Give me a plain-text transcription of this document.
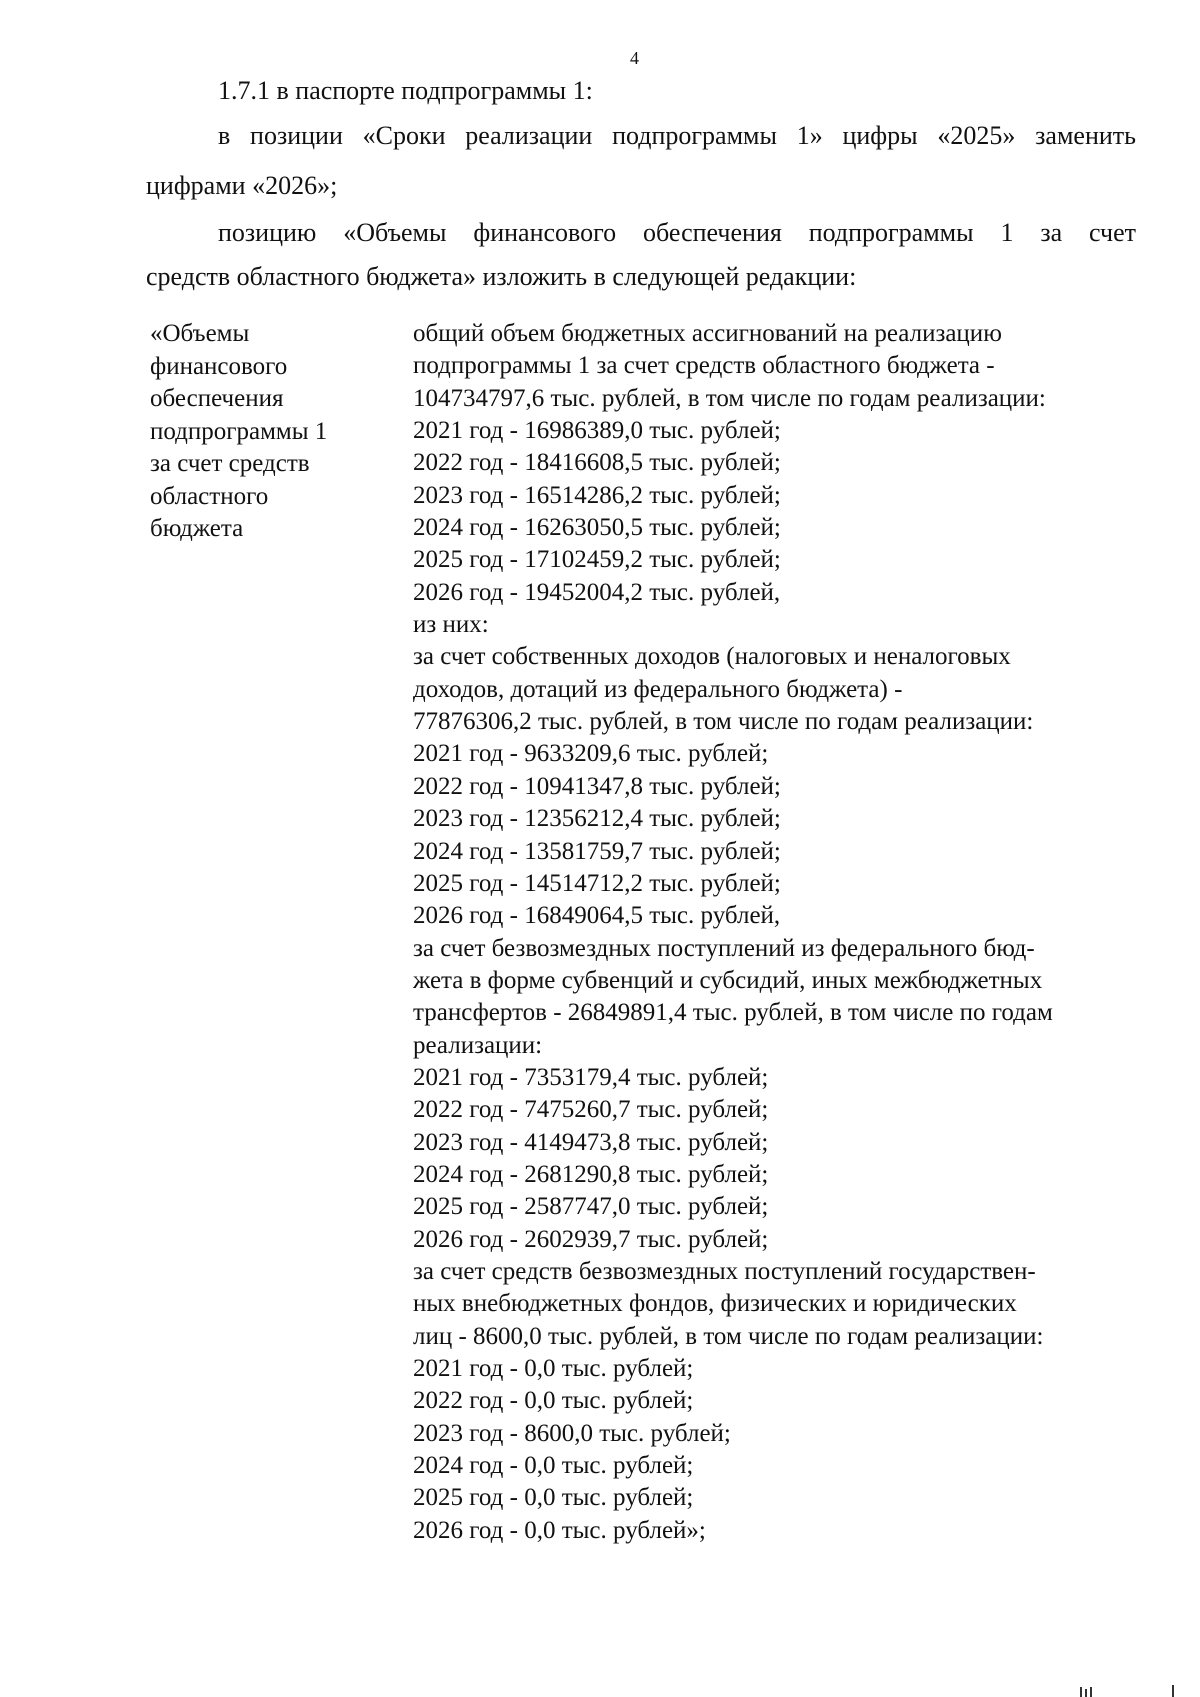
4
1.7.1 в паспорте подпрограммы 1:
в позиции «Сроки реализации подпрограммы 1» цифры «2025» заменить
цифрами «2026»;
позицию «Объемы финансового обеспечения подпрограммы 1 за счет
средств областного бюджета» изложить в следующей редакции:
«Объемы
финансового
обеспечения
подпрограммы 1
за счет средств
областного
бюджета
общий объем бюджетных ассигнований на реализацию
подпрограммы 1 за счет средств областного бюджета -
104734797,6 тыс. рублей, в том числе по годам реализации:
2021 год - 16986389,0 тыс. рублей;
2022 год - 18416608,5 тыс. рублей;
2023 год - 16514286,2 тыс. рублей;
2024 год - 16263050,5 тыс. рублей;
2025 год - 17102459,2 тыс. рублей;
2026 год - 19452004,2 тыс. рублей,
из них:
за счет собственных доходов (налоговых и неналоговых
доходов, дотаций из федерального бюджета) -
77876306,2 тыс. рублей, в том числе по годам реализации:
2021 год - 9633209,6 тыс. рублей;
2022 год - 10941347,8 тыс. рублей;
2023 год - 12356212,4 тыс. рублей;
2024 год - 13581759,7 тыс. рублей;
2025 год - 14514712,2 тыс. рублей;
2026 год - 16849064,5 тыс. рублей,
за счет безвозмездных поступлений из федерального бюд-
жета в форме субвенций и субсидий, иных межбюджетных
трансфертов - 26849891,4 тыс. рублей, в том числе по годам
реализации:
2021 год - 7353179,4 тыс. рублей;
2022 год - 7475260,7 тыс. рублей;
2023 год - 4149473,8 тыс. рублей;
2024 год - 2681290,8 тыс. рублей;
2025 год - 2587747,0 тыс. рублей;
2026 год - 2602939,7 тыс. рублей;
за счет средств безвозмездных поступлений государствен-
ных внебюджетных фондов, физических и юридических
лиц - 8600,0 тыс. рублей, в том числе по годам реализации:
2021 год - 0,0 тыс. рублей;
2022 год - 0,0 тыс. рублей;
2023 год - 8600,0 тыс. рублей;
2024 год - 0,0 тыс. рублей;
2025 год - 0,0 тыс. рублей;
2026 год - 0,0 тыс. рублей»;
